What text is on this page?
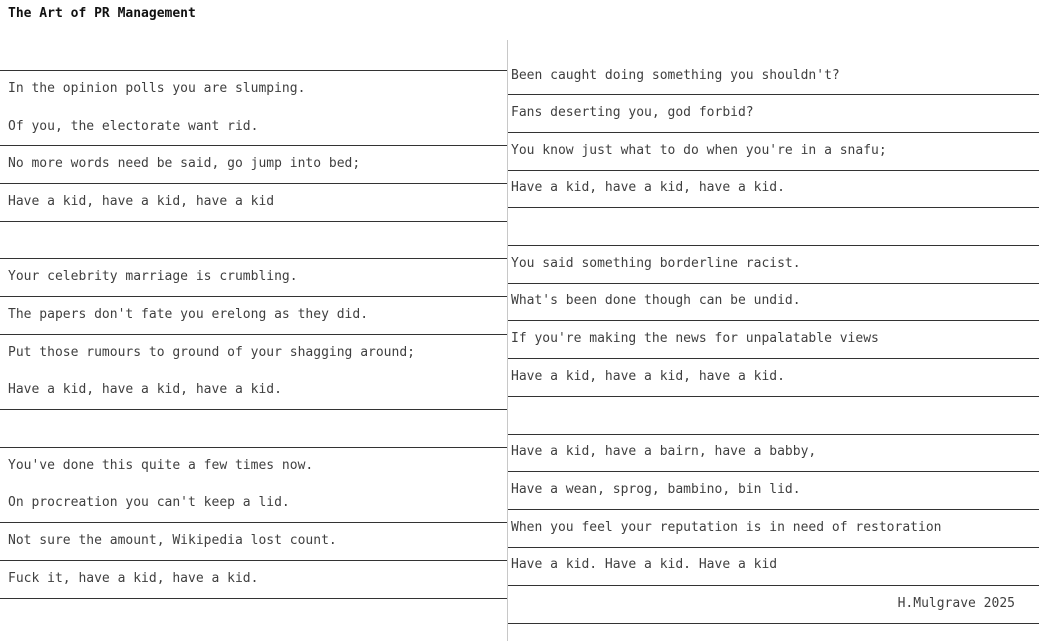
The Art of PR Management
In the opinion polls you are slumping.
Of you, the electorate want rid.
No more words need be said, go jump into bed;
Have a kid, have a kid, have a kid
Your celebrity marriage is crumbling.
The papers don't fate you erelong as they did.
Put those rumours to ground of your shagging around;
Have a kid, have a kid, have a kid.
You've done this quite a few times now.
On procreation you can't keep a lid.
Not sure the amount, Wikipedia lost count.
Fuck it, have a kid, have a kid.
Been caught doing something you shouldn't?
Fans deserting you, god forbid?
You know just what to do when you're in a snafu;
Have a kid, have a kid, have a kid.
You said something borderline racist.
What's been done though can be undid.
If you're making the news for unpalatable views
Have a kid, have a kid, have a kid.
Have a kid, have a bairn, have a babby,
Have a wean, sprog, bambino, bin lid.
When you feel your reputation is in need of restoration
Have a kid. Have a kid. Have a kid
H.Mulgrave 2025
